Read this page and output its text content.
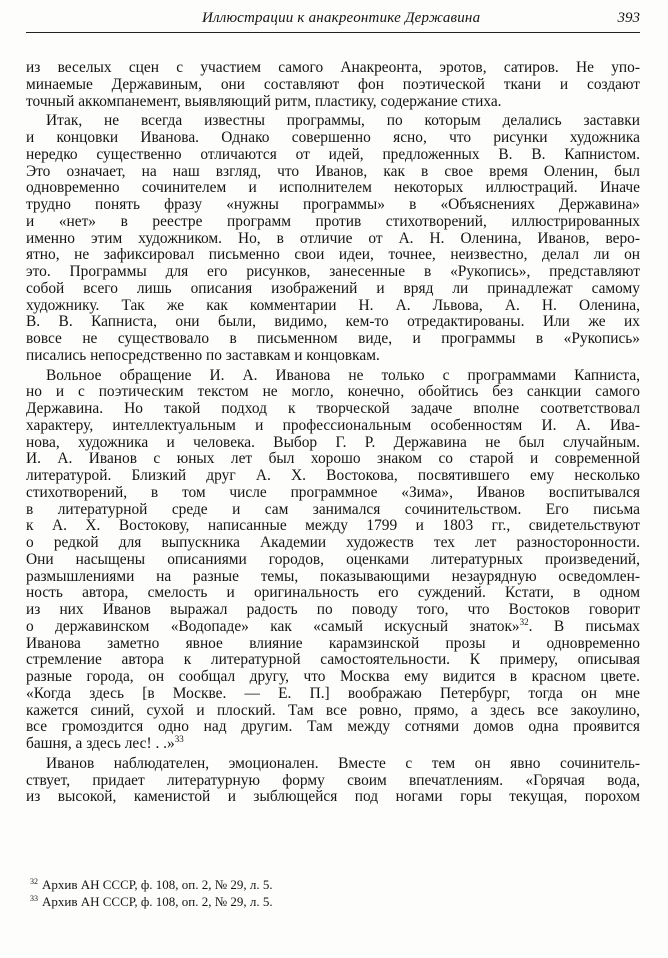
Иллюстрации к анакреонтике Державина	393
из веселых сцен с участием самого Анакреонта, эротов, сатиров. Не упо-
минаемые Державиным, они составляют фон поэтической ткани и создают
точный аккомпанемент, выявляющий ритм, пластику, содержание стиха.
Итак, не всегда известны программы, по которым делались заставки
и концовки Иванова. Однако совершенно ясно, что рисунки художника
нередко существенно отличаются от идей, предложенных В. В. Капнистом.
Это означает, на наш взгляд, что Иванов, как в свое время Оленин, был
одновременно сочинителем и исполнителем некоторых иллюстраций. Иначе
трудно понять фразу «нужны программы» в «Объяснениях Державина»
и «нет» в реестре программ против стихотворений, иллюстрированных
именно этим художником. Но, в отличие от А. Н. Оленина, Иванов, веро-
ятно, не зафиксировал письменно свои идеи, точнее, неизвестно, делал ли он
это. Программы для его рисунков, занесенные в «Рукопись», представляют
собой всего лишь описания изображений и вряд ли принадлежат самому
художнику. Так же как комментарии Н. А. Львова, А. Н. Оленина,
В. В. Капниста, они были, видимо, кем-то отредактированы. Или же их
вовсе не существовало в письменном виде, и программы в «Рукопись»
писались непосредственно по заставкам и концовкам.
Вольное обращение И. А. Иванова не только с программами Капниста,
но и с поэтическим текстом не могло, конечно, обойтись без санкции самого
Державина. Но такой подход к творческой задаче вполне соответствовал
характеру, интеллектуальным и профессиональным особенностям И. А. Ива-
нова, художника и человека. Выбор Г. Р. Державина не был случайным.
И. А. Иванов с юных лет был хорошо знаком со старой и современной
литературой. Близкий друг А. Х. Востокова, посвятившего ему несколько
стихотворений, в том числе программное «Зима», Иванов воспитывался
в литературной среде и сам занимался сочинительством. Его письма
к А. Х. Востокову, написанные между 1799 и 1803 гг., свидетельствуют
о редкой для выпускника Академии художеств тех лет разносторонности.
Они насыщены описаниями городов, оценками литературных произведений,
размышлениями на разные темы, показывающими незаурядную осведомлен-
ность автора, смелость и оригинальность его суждений. Кстати, в одном
из них Иванов выражал радость по поводу того, что Востоков говорит
о державинском «Водопаде» как «самый искусный знаток»$^{32}$. В письмах
Иванова заметно явное влияние карамзинской прозы и одновременно
стремление автора к литературной самостоятельности. К примеру, описывая
разные города, он сообщал другу, что Москва ему видится в красном цвете.
«Когда здесь [в Москве. — Е. П.] воображаю Петербург, тогда он мне
кажется синий, сухой и плоский. Там все ровно, прямо, а здесь все закоулино,
все громоздится одно над другим. Там между сотнями домов одна проявится
башня, а здесь лес! . .»$^{33}$
Иванов наблюдателен, эмоционален. Вместе с тем он явно сочинитель-
ствует, придает литературную форму своим впечатлениям. «Горячая вода,
из высокой, каменистой и зыблющейся под ногами горы текущая, порохом
$^{32}$ Архив АН СССР, ф. 108, оп. 2, № 29, л. 5.
$^{33}$ Архив АН СССР, ф. 108, оп. 2, № 29, л. 5.
